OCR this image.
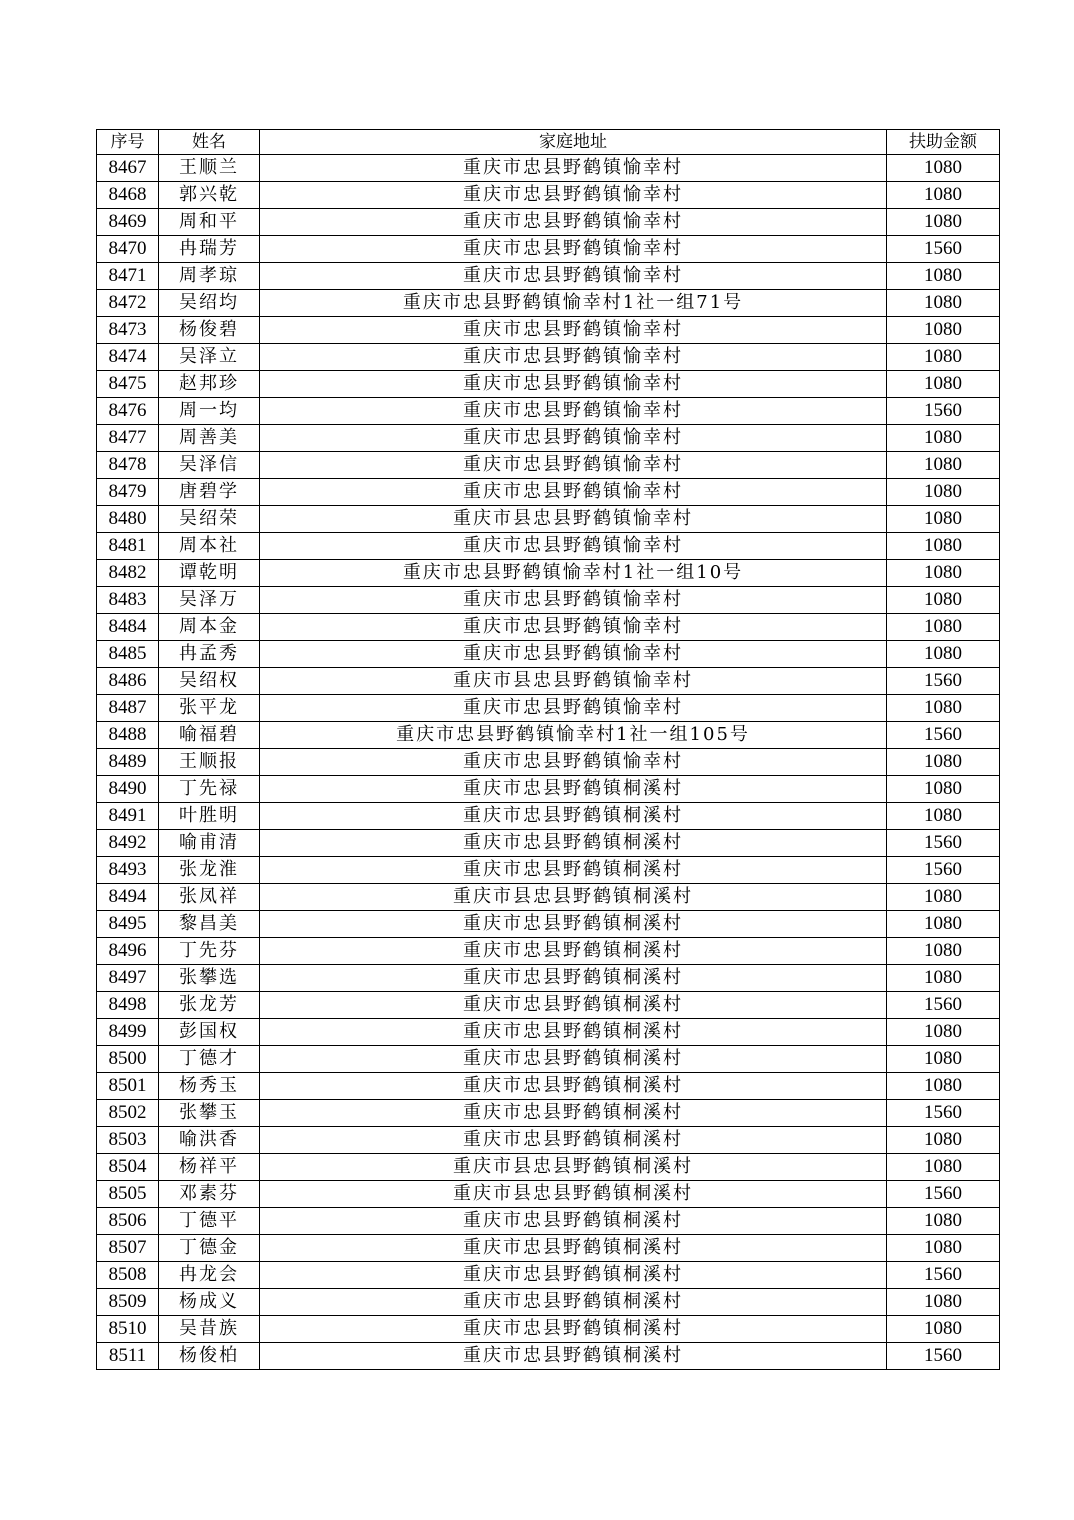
序号	姓名	家庭地址	扶助金额
8467	王顺兰	重庆市忠县野鹤镇愉幸村	1080
8468	郭兴乾	重庆市忠县野鹤镇愉幸村	1080
8469	周和平	重庆市忠县野鹤镇愉幸村	1080
8470	冉瑞芳	重庆市忠县野鹤镇愉幸村	1560
8471	周孝琼	重庆市忠县野鹤镇愉幸村	1080
8472	吴绍均	重庆市忠县野鹤镇愉幸村1社一组71号	1080
8473	杨俊碧	重庆市忠县野鹤镇愉幸村	1080
8474	吴泽立	重庆市忠县野鹤镇愉幸村	1080
8475	赵邦珍	重庆市忠县野鹤镇愉幸村	1080
8476	周一均	重庆市忠县野鹤镇愉幸村	1560
8477	周善美	重庆市忠县野鹤镇愉幸村	1080
8478	吴泽信	重庆市忠县野鹤镇愉幸村	1080
8479	唐碧学	重庆市忠县野鹤镇愉幸村	1080
8480	吴绍荣	重庆市县忠县野鹤镇愉幸村	1080
8481	周本社	重庆市忠县野鹤镇愉幸村	1080
8482	谭乾明	重庆市忠县野鹤镇愉幸村1社一组10号	1080
8483	吴泽万	重庆市忠县野鹤镇愉幸村	1080
8484	周本金	重庆市忠县野鹤镇愉幸村	1080
8485	冉孟秀	重庆市忠县野鹤镇愉幸村	1080
8486	吴绍权	重庆市县忠县野鹤镇愉幸村	1560
8487	张平龙	重庆市忠县野鹤镇愉幸村	1080
8488	喻福碧	重庆市忠县野鹤镇愉幸村1社一组105号	1560
8489	王顺报	重庆市忠县野鹤镇愉幸村	1080
8490	丁先禄	重庆市忠县野鹤镇桐溪村	1080
8491	叶胜明	重庆市忠县野鹤镇桐溪村	1080
8492	喻甫清	重庆市忠县野鹤镇桐溪村	1560
8493	张龙淮	重庆市忠县野鹤镇桐溪村	1560
8494	张凤祥	重庆市县忠县野鹤镇桐溪村	1080
8495	黎昌美	重庆市忠县野鹤镇桐溪村	1080
8496	丁先芬	重庆市忠县野鹤镇桐溪村	1080
8497	张攀选	重庆市忠县野鹤镇桐溪村	1080
8498	张龙芳	重庆市忠县野鹤镇桐溪村	1560
8499	彭国权	重庆市忠县野鹤镇桐溪村	1080
8500	丁德才	重庆市忠县野鹤镇桐溪村	1080
8501	杨秀玉	重庆市忠县野鹤镇桐溪村	1080
8502	张攀玉	重庆市忠县野鹤镇桐溪村	1560
8503	喻洪香	重庆市忠县野鹤镇桐溪村	1080
8504	杨祥平	重庆市县忠县野鹤镇桐溪村	1080
8505	邓素芬	重庆市县忠县野鹤镇桐溪村	1560
8506	丁德平	重庆市忠县野鹤镇桐溪村	1080
8507	丁德金	重庆市忠县野鹤镇桐溪村	1080
8508	冉龙会	重庆市忠县野鹤镇桐溪村	1560
8509	杨成义	重庆市忠县野鹤镇桐溪村	1080
8510	吴昔族	重庆市忠县野鹤镇桐溪村	1080
8511	杨俊柏	重庆市忠县野鹤镇桐溪村	1560
